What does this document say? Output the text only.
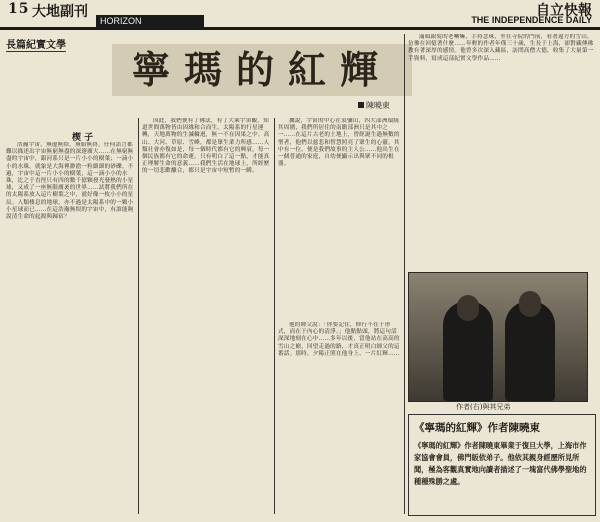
15 大地副刊
HORIZON
自立快報
THE INDEPENDENCE DAILY
長篇紀實文學
寧瑪的紅輝
陳曉東
楔 子

浩瀚宇宙，無邊無際，無始無終。任何語言都難以描述出宇宙無窮無盡的深邃廣大……在無窮無盡的宇宙中，銀河系只是一片小小的樹葉；一滴小小的水珠，就象是大海裡渺滄一粒細細的砂礫。不過，宇宙中這一片小小的樹葉，這一滴小小的水珠，比之于直徑只有四的數千億顆發光發熱的小星球，又成了一座無限廣袤的世界……試將我們所在的太陽系放入這片樹葉之中，就好像一枚小小的星辰。人類棲息的地球，亦不過是太陽系中的一顆小小星球而已……在這浩瀚無垠的宇宙中，有誰能夠說清生命的起源與歸宿？

因此，我們便有了佛法，有了大乘宇宙觀，知道世間萬物皆由因緣和合而生。太陽系的行星運轉，天地萬物的生滅輪迴，無一不在因果之中。高山、大河、草原、雪峰，都是眾生業力所感……人類社會亦復如是，每一個時代都有它的興衰，每一個民族都有它的命運。只有明白了這一點，才能真正理解生命的意義……我們生活在地球上，所經歷的一切悲歡離合，都只是宇宙中短暫的一瞬。

據說，宇宙的中心在須彌山，四大部洲環繞其周圍，我們所居住的南瞻部洲只是其中之一……在這片古老的土地上，曾經誕生過無數的聖者，他們以慈悲和智慧照亮了眾生的心靈。其中有一位，便是我們故事的主人公……他出生在一個普通的家庭，自幼便顯示出與眾不同的根器。

他的師父說：「你要記住，修行不在于形式，而在于內心的清淨。」他點點頭，將這句話深深地刻在心中……多年以後，當他站在高高的雪山之巔，回望走過的路，才真正明白師父的這番話。那時，夕陽正照在他身上，一片紅輝……

滿頭銀髮的老喇嘛，手持念珠，坐在寺院的門前，看著遠方的雪山，彷彿在回憶著什麼……年輕的作者年僅三十歲，生長于上海，卻對藏傳佛教有著深厚的感情。他曾多次深入藏區，訪問高僧大德，收集了大量第一手資料，寫成這部紀實文學作品……

作者(右)與其兄弟
《寧瑪的紅輝》作者陳曉東
《寧瑪的紅輝》作者陳曉東畢業于復旦大學，上海市作家協會會員，佛門皈依弟子。他依其親身經歷所見所聞，極為客觀真實地向讀者描述了一塊富代佛學聖地的種種殊勝之處。
